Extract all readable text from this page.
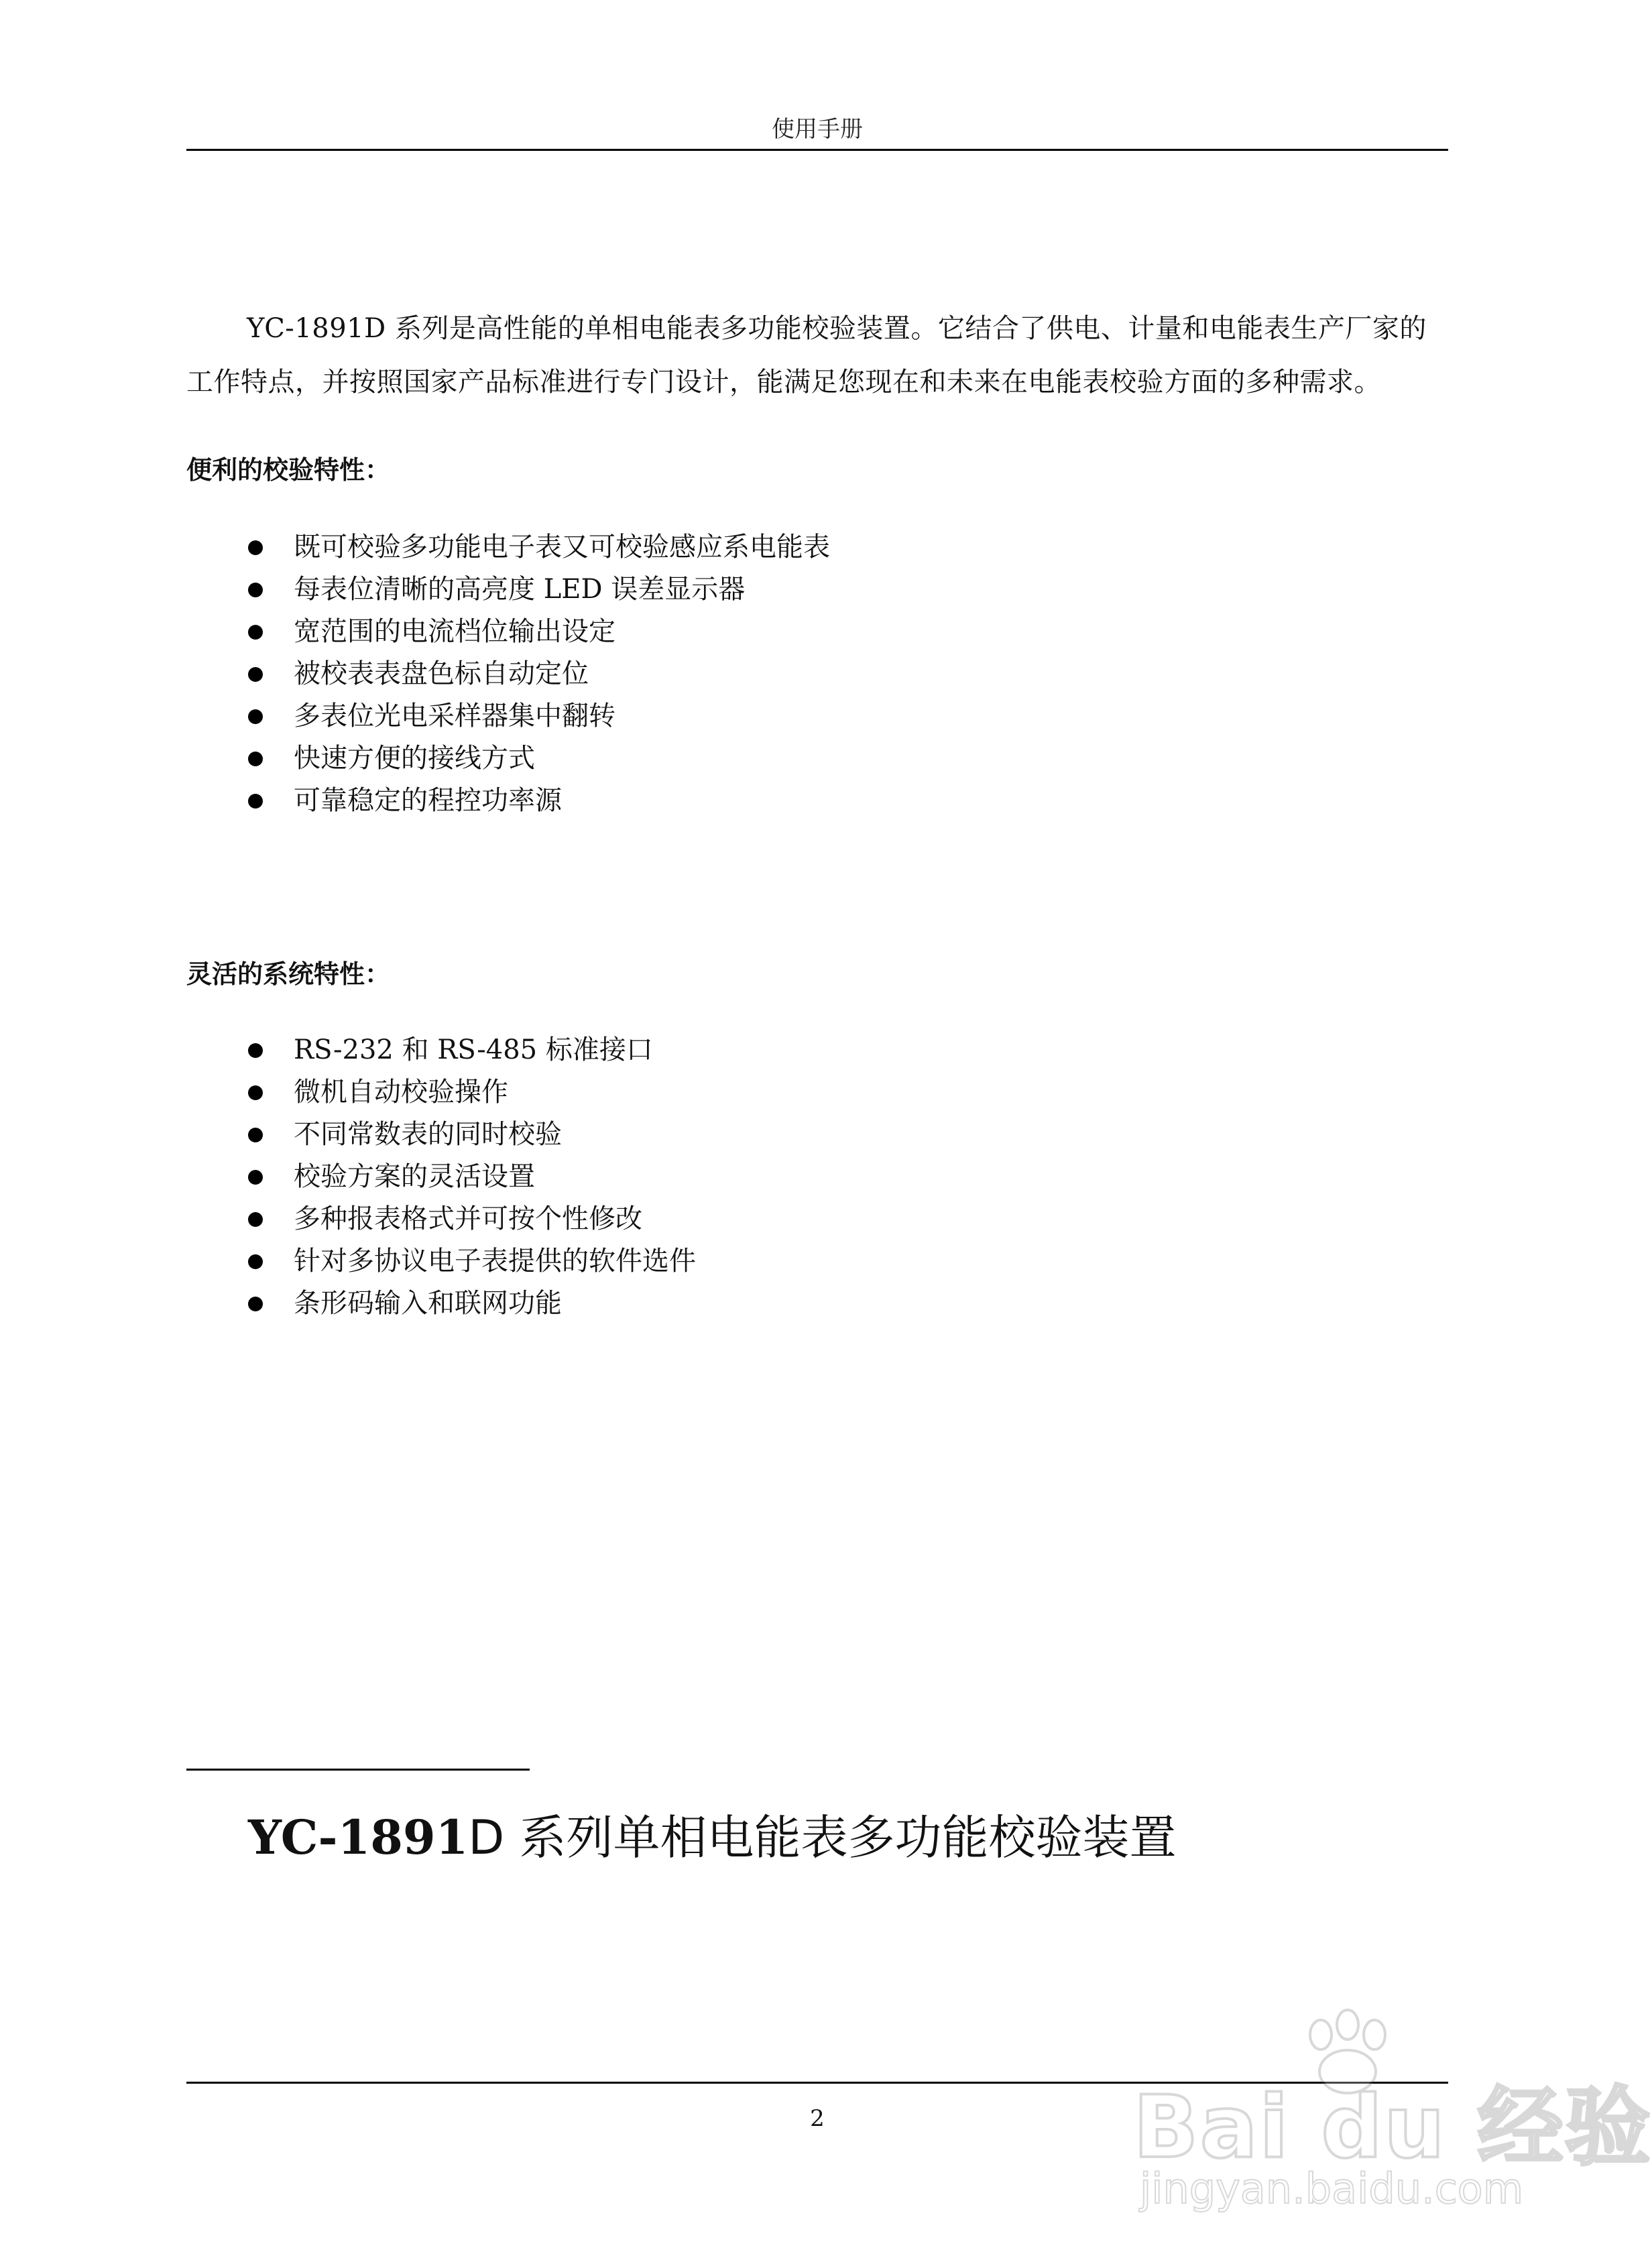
使用手册

YC-1891D 系列是高性能的单相电能表多功能校验装置。它结合了供电、计量和电能表生产厂家的工作特点，并按照国家产品标准进行专门设计，能满足您现在和未来在电能表校验方面的多种需求。

便利的校验特性：
既可校验多功能电子表又可校验感应系电能表
每表位清晰的高亮度 LED 误差显示器
宽范围的电流档位输出设定
被校表表盘色标自动定位
多表位光电采样器集中翻转
快速方便的接线方式
可靠稳定的程控功率源
灵活的系统特性：
RS-232 和 RS-485 标准接口
微机自动校验操作
不同常数表的同时校验
校验方案的灵活设置
多种报表格式并可按个性修改
针对多协议电子表提供的软件选件
条形码输入和联网功能
YC-1891D 系列单相电能表多功能校验装置
2	Bai du 经验
jingyan.baidu.com
